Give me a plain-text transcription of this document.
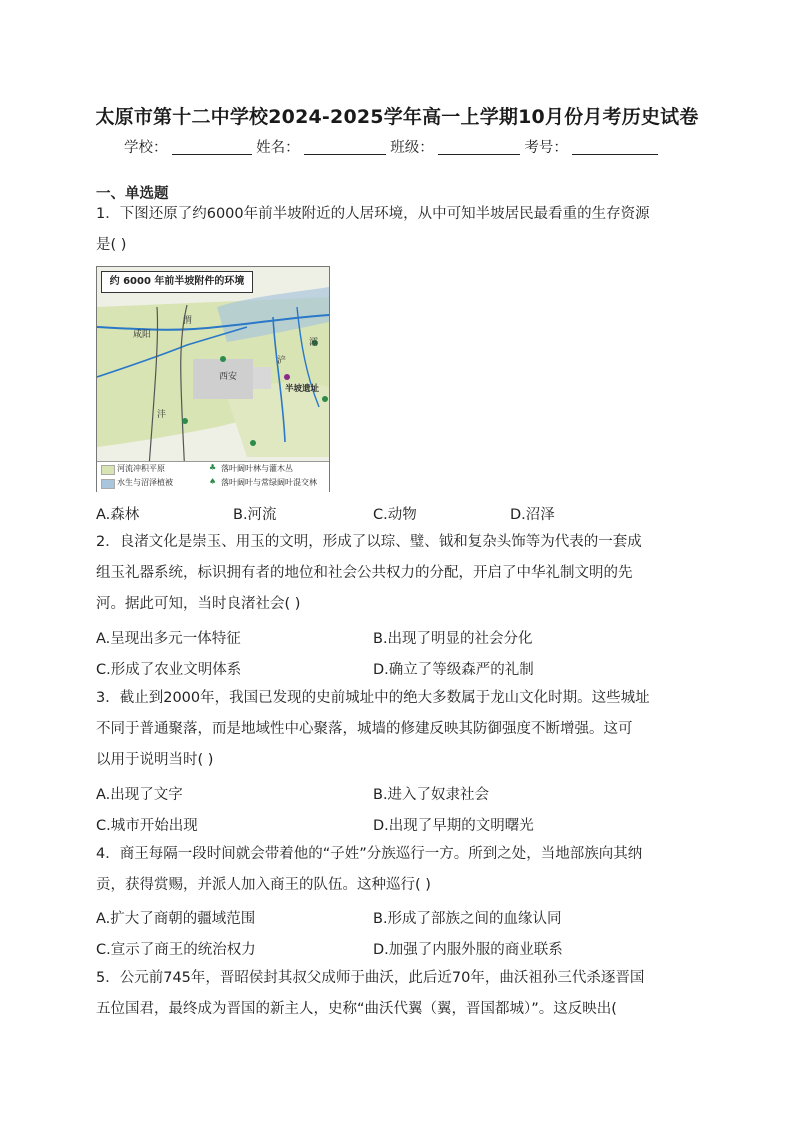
太原市第十二中学校2024-2025学年高一上学期10月份月考历史试卷
学校：	姓名：	班级：	考号：
一、单选题
1．下图还原了约6000年前半坡附近的人居环境，从中可知半坡居民最看重的生存资源
是( )
约 6000 年前半坡附件的环境
咸阳
渭
沣
西安
浐
灞
半坡遗址
河流冲积平原
水生与沼泽植被
♣ 落叶阔叶林与灌木丛
♠ 落叶阔叶与常绿阔叶混交林
A.森林	B.河流	C.动物	D.沼泽
2．良渚文化是崇玉、用玉的文明，形成了以琮、璧、钺和复杂头饰等为代表的一套成
组玉礼器系统，标识拥有者的地位和社会公共权力的分配，开启了中华礼制文明的先
河。据此可知，当时良渚社会( )
A.呈现出多元一体特征	B.出现了明显的社会分化
C.形成了农业文明体系	D.确立了等级森严的礼制
3．截止到2000年，我国已发现的史前城址中的绝大多数属于龙山文化时期。这些城址
不同于普通聚落，而是地域性中心聚落，城墙的修建反映其防御强度不断增强。这可
以用于说明当时( )
A.出现了文字	B.进入了奴隶社会
C.城市开始出现	D.出现了早期的文明曙光
4．商王每隔一段时间就会带着他的“子姓”分族巡行一方。所到之处，当地部族向其纳
贡，获得赏赐，并派人加入商王的队伍。这种巡行( )
A.扩大了商朝的疆域范围	B.形成了部族之间的血缘认同
C.宣示了商王的统治权力	D.加强了内服外服的商业联系
5．公元前745年，晋昭侯封其叔父成师于曲沃，此后近70年，曲沃祖孙三代杀逐晋国
五位国君，最终成为晋国的新主人，史称“曲沃代翼（翼，晋国都城）”。这反映出(
